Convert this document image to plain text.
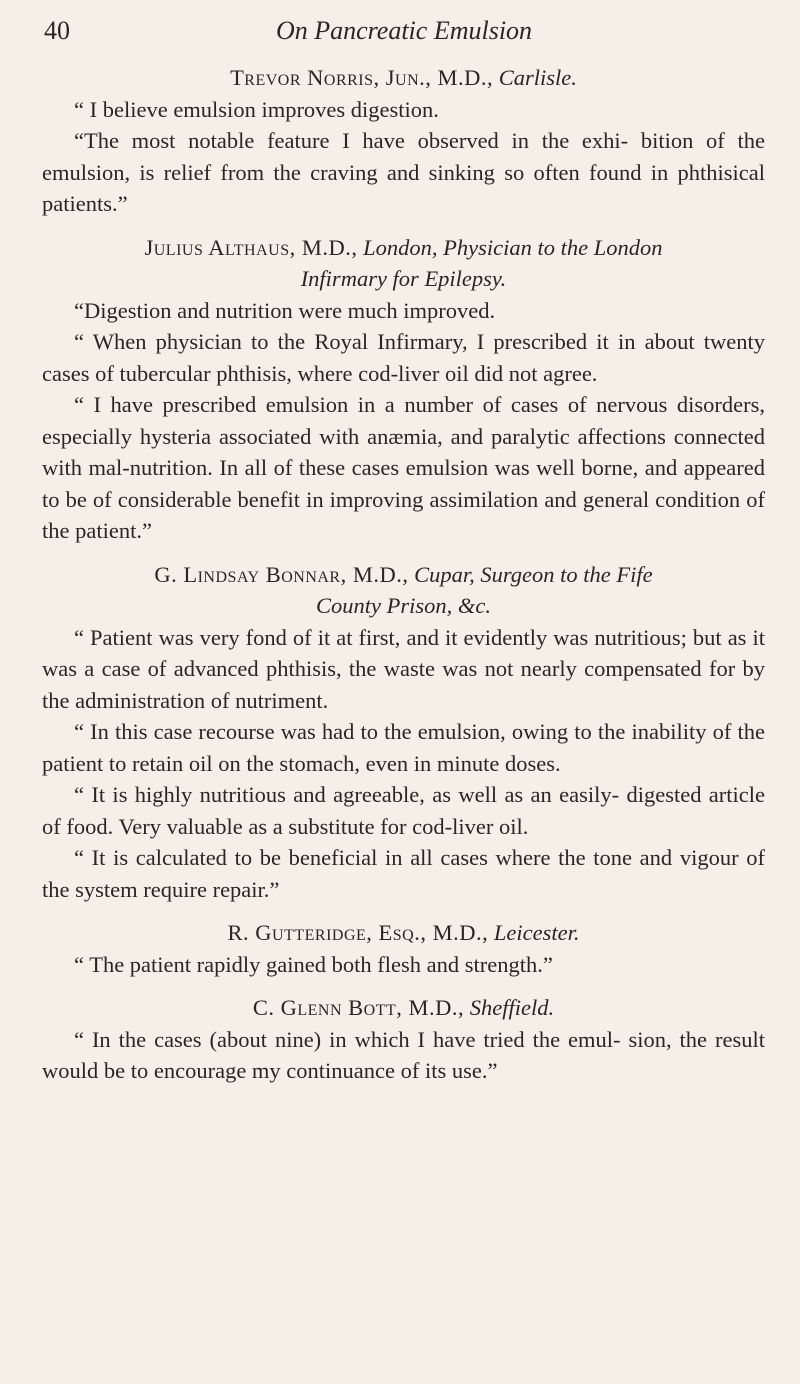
40	On Pancreatic Emulsion
Trevor Norris, Jun., M.D., Carlisle.

“ I believe emulsion improves digestion.

“The most notable feature I have observed in the exhi- bition of the emulsion, is relief from the craving and sinking so often found in phthisical patients.”

Julius Althaus, M.D., London, Physician to the London
Infirmary for Epilepsy.

“Digestion and nutrition were much improved.

“ When physician to the Royal Infirmary, I prescribed it in about twenty cases of tubercular phthisis, where cod-liver oil did not agree.

“ I have prescribed emulsion in a number of cases of nervous disorders, especially hysteria associated with anæmia, and paralytic affections connected with mal-nutrition. In all of these cases emulsion was well borne, and appeared to be of considerable benefit in improving assimilation and general condition of the patient.”

G. Lindsay Bonnar, M.D., Cupar, Surgeon to the Fife
County Prison, &c.

“ Patient was very fond of it at first, and it evidently was nutritious; but as it was a case of advanced phthisis, the waste was not nearly compensated for by the administration of nutriment.

“ In this case recourse was had to the emulsion, owing to the inability of the patient to retain oil on the stomach, even in minute doses.

“ It is highly nutritious and agreeable, as well as an easily- digested article of food. Very valuable as a substitute for cod-liver oil.

“ It is calculated to be beneficial in all cases where the tone and vigour of the system require repair.”

R. Gutteridge, Esq., M.D., Leicester.

“ The patient rapidly gained both flesh and strength.”

C. Glenn Bott, M.D., Sheffield.

“ In the cases (about nine) in which I have tried the emul- sion, the result would be to encourage my continuance of its use.”
